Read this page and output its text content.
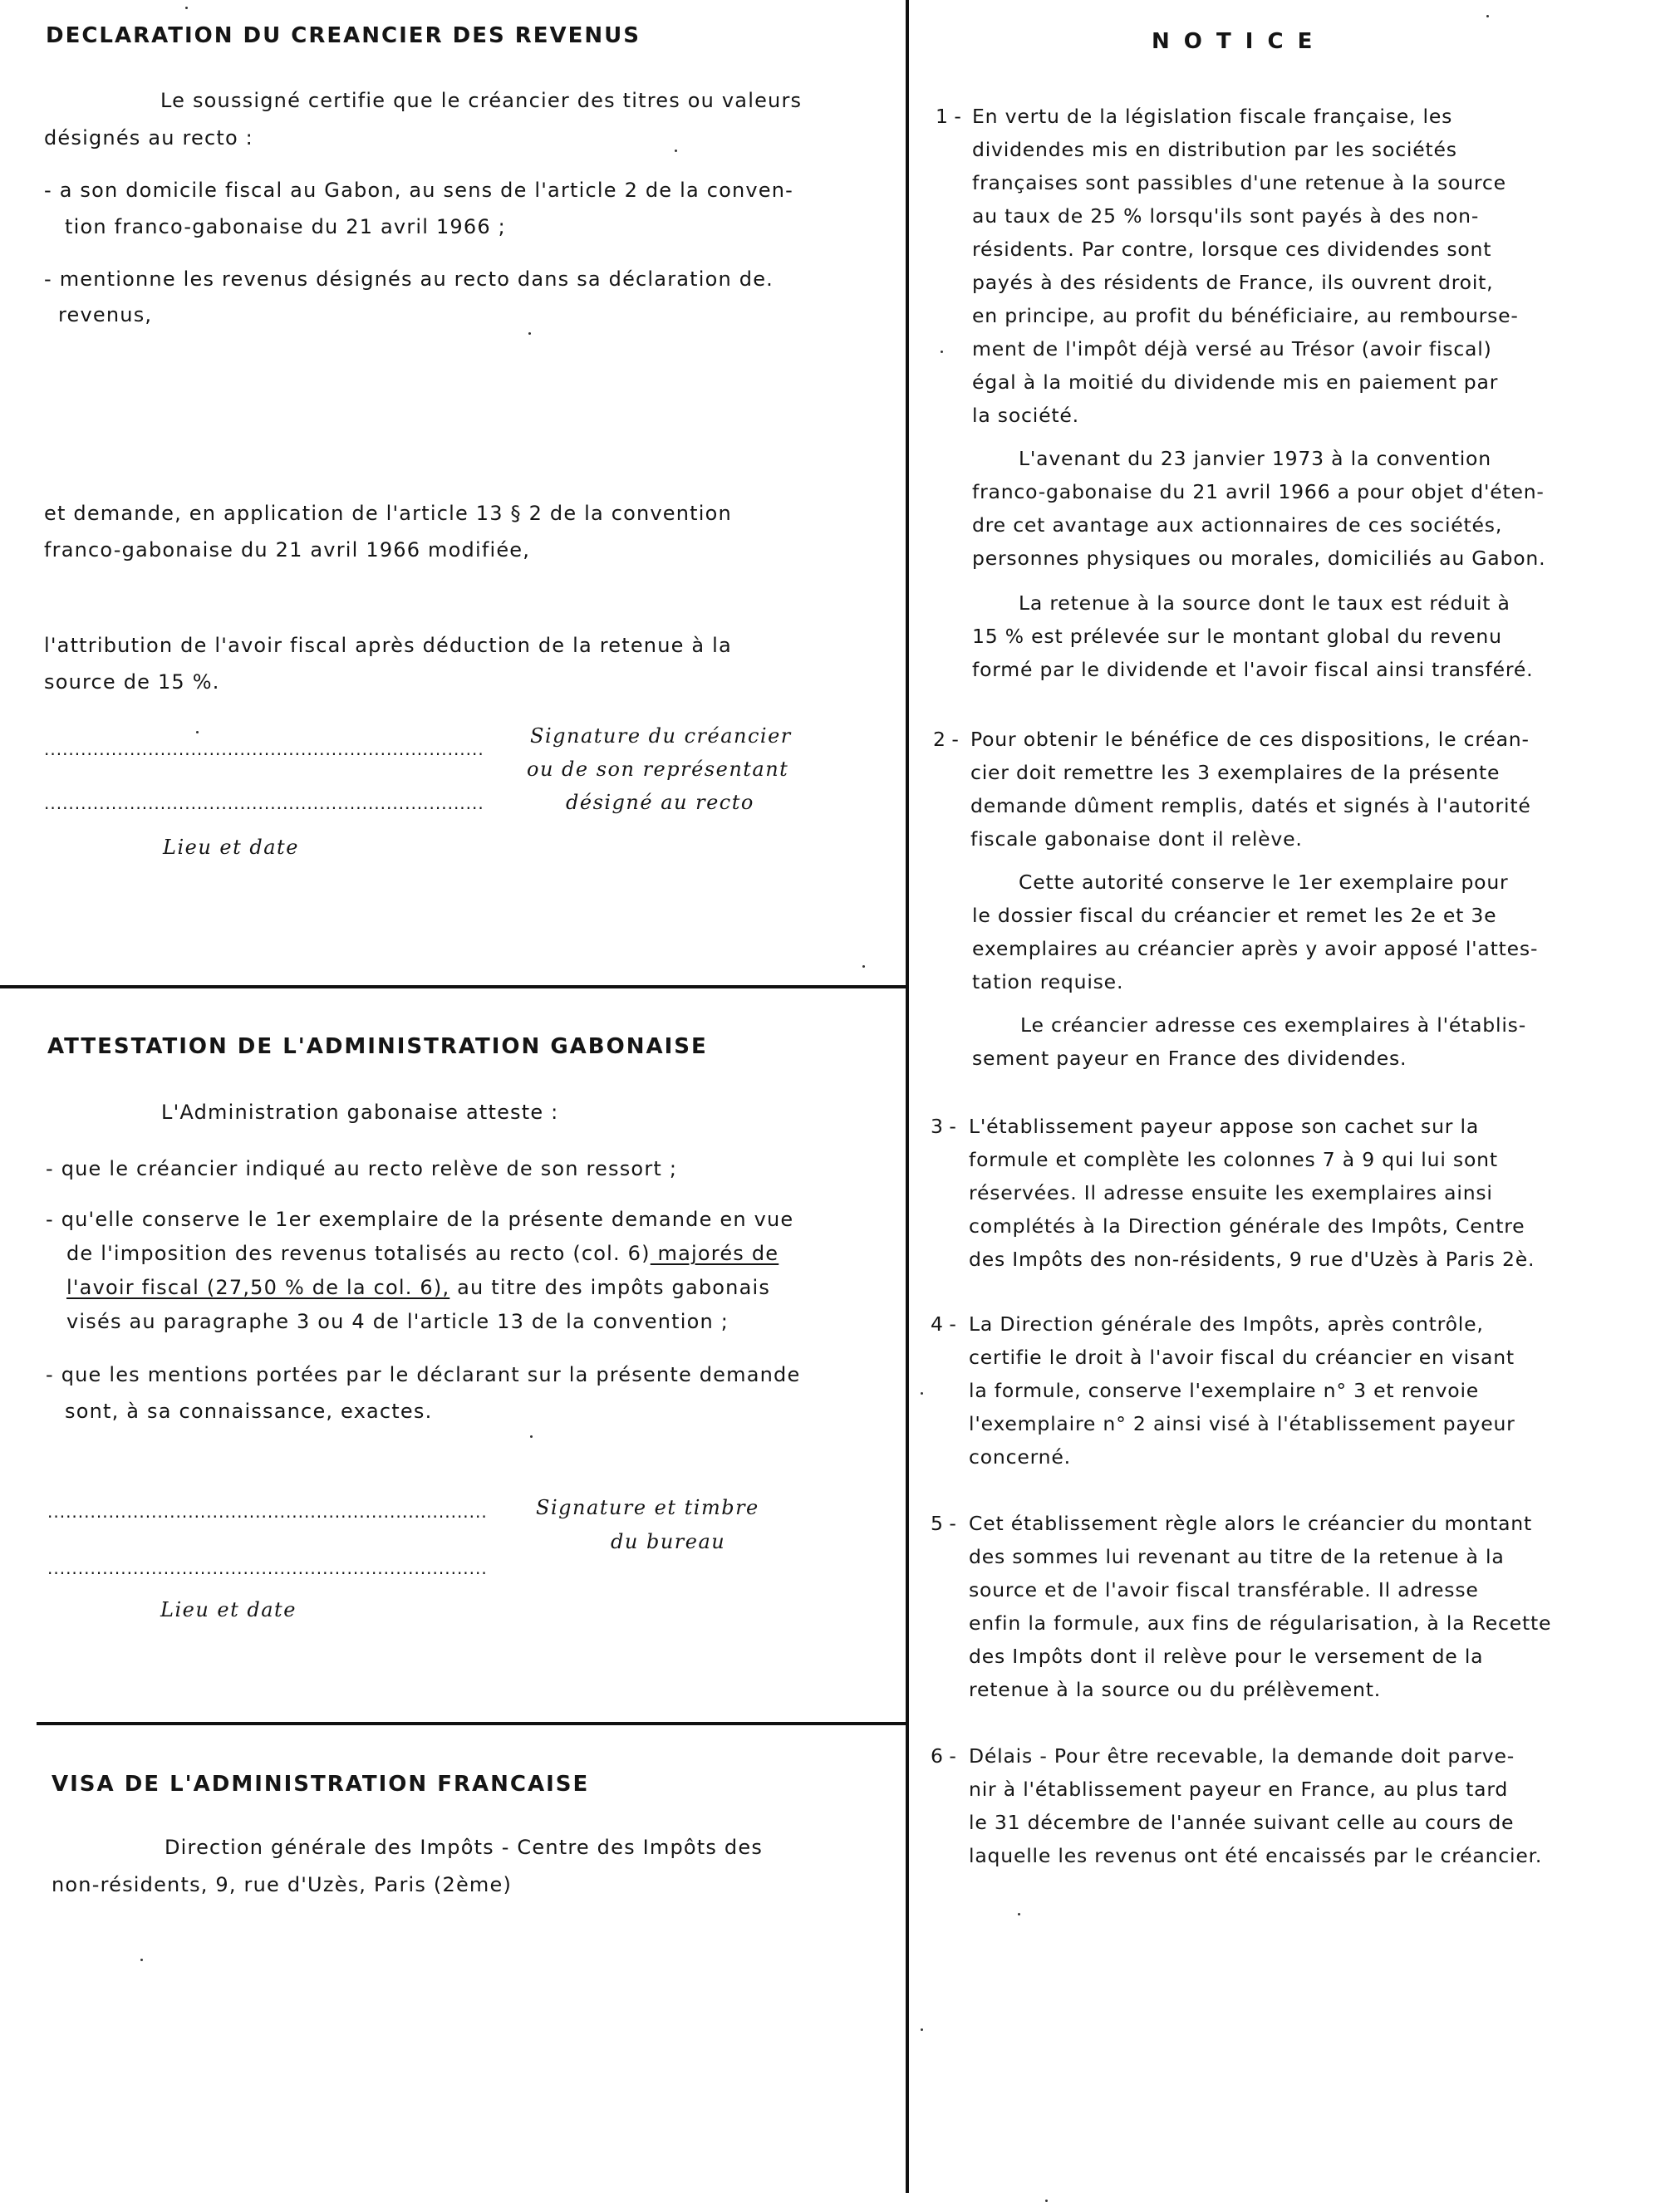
DECLARATION DU CREANCIER DES REVENUS
Le soussigné certifie que le créancier des titres ou valeurs
désignés au recto :
- a son domicile fiscal au Gabon, au sens de l'article 2 de la conven-
tion franco-gabonaise du 21 avril 1966 ;
- mentionne les revenus désignés au recto dans sa déclaration de.
revenus,
et demande, en application de l'article 13 § 2 de la convention
franco-gabonaise du 21 avril 1966 modifiée,
l'attribution de l'avoir fiscal après déduction de la retenue à la
source de 15 %.
........................................................................
........................................................................
Signature du créancier
ou de son représentant
désigné au recto
Lieu et date
ATTESTATION DE L'ADMINISTRATION GABONAISE
L'Administration gabonaise atteste :
- que le créancier indiqué au recto relève de son ressort ;
- qu'elle conserve le 1er exemplaire de la présente demande en vue
de l'imposition des revenus totalisés au recto (col. 6) majorés de
l'avoir fiscal (27,50 % de la col. 6), au titre des impôts gabonais
visés au paragraphe 3 ou 4 de l'article 13 de la convention ;
- que les mentions portées par le déclarant sur la présente demande
sont, à sa connaissance, exactes.
........................................................................
........................................................................
Signature et timbre
du bureau
Lieu et date
VISA DE L'ADMINISTRATION FRANCAISE
Direction générale des Impôts - Centre des Impôts des
non-résidents, 9, rue d'Uzès, Paris (2ème)
N O T I C E
1 - En vertu de la législation fiscale française, les
dividendes mis en distribution par les sociétés
françaises sont passibles d'une retenue à la source
au taux de 25 % lorsqu'ils sont payés à des non-
résidents. Par contre, lorsque ces dividendes sont
payés à des résidents de France, ils ouvrent droit,
en principe, au profit du bénéficiaire, au rembourse-
ment de l'impôt déjà versé au Trésor (avoir fiscal)
égal à la moitié du dividende mis en paiement par
la société.
L'avenant du 23 janvier 1973 à la convention
franco-gabonaise du 21 avril 1966 a pour objet d'éten-
dre cet avantage aux actionnaires de ces sociétés,
personnes physiques ou morales, domiciliés au Gabon.
La retenue à la source dont le taux est réduit à
15 % est prélevée sur le montant global du revenu
formé par le dividende et l'avoir fiscal ainsi transféré.
2 - Pour obtenir le bénéfice de ces dispositions, le créan-
cier doit remettre les 3 exemplaires de la présente
demande dûment remplis, datés et signés à l'autorité
fiscale gabonaise dont il relève.
Cette autorité conserve le 1er exemplaire pour
le dossier fiscal du créancier et remet les 2e et 3e
exemplaires au créancier après y avoir apposé l'attes-
tation requise.
Le créancier adresse ces exemplaires à l'établis-
sement payeur en France des dividendes.
3 - L'établissement payeur appose son cachet sur la
formule et complète les colonnes 7 à 9 qui lui sont
réservées. Il adresse ensuite les exemplaires ainsi
complétés à la Direction générale des Impôts, Centre
des Impôts des non-résidents, 9 rue d'Uzès à Paris 2è.
4 - La Direction générale des Impôts, après contrôle,
certifie le droit à l'avoir fiscal du créancier en visant
la formule, conserve l'exemplaire n° 3 et renvoie
l'exemplaire n° 2 ainsi visé à l'établissement payeur
concerné.
5 - Cet établissement règle alors le créancier du montant
des sommes lui revenant au titre de la retenue à la
source et de l'avoir fiscal transférable. Il adresse
enfin la formule, aux fins de régularisation, à la Recette
des Impôts dont il relève pour le versement de la
retenue à la source ou du prélèvement.
6 - Délais - Pour être recevable, la demande doit parve-
nir à l'établissement payeur en France, au plus tard
le 31 décembre de l'année suivant celle au cours de
laquelle les revenus ont été encaissés par le créancier.
